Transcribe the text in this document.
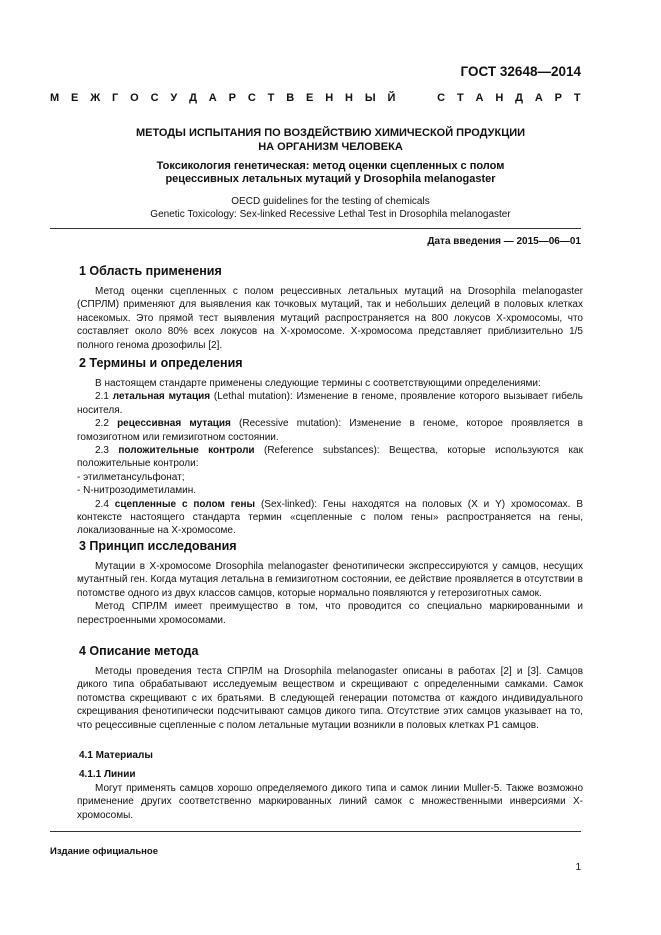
ГОСТ 32648—2014
М Е Ж Г О С У Д А Р С Т В Е Н Н Ы Й	С Т А Н Д А Р Т
МЕТОДЫ ИСПЫТАНИЯ ПО ВОЗДЕЙСТВИЮ ХИМИЧЕСКОЙ ПРОДУКЦИИ
НА ОРГАНИЗМ ЧЕЛОВЕКА
Токсикология генетическая: метод оценки сцепленных с полом
рецессивных летальных мутаций у Drosophila melanogaster
OECD guidelines for the testing of chemicals
Genetic Toxicology: Sex-linked Recessive Lethal Test in Drosophila melanogaster
Дата введения — 2015—06—01
1 Область применения

Метод оценки сцепленных с полом рецессивных летальных мутаций на Drosophila melanogaster (СПРЛМ) применяют для выявления как точковых мутаций, так и небольших делеций в половых клетках насекомых. Это прямой тест выявления мутаций распространяется на 800 локусов X-хромосомы, что составляет около 80% всех локусов на X-хромосоме. X-хромосома представляет приблизительно 1/5 полного генома дрозофилы [2].

2 Термины и определения

В настоящем стандарте применены следующие термины с соответствующими определениями:

2.1 летальная мутация (Lethal mutation): Изменение в геноме, проявление которого вызывает гибель носителя.

2.2 рецессивная мутация (Recessive mutation): Изменение в геноме, которое проявляется в гомозиготном или гемизиготном состоянии.

2.3 положительные контроли (Reference substances): Вещества, которые используются как положительные контроли:

- этилметансульфонат;

- N-нитрозодиметиламин.

2.4 сцепленные с полом гены (Sex-linked): Гены находятся на половых (X и Y) хромосомах. В контексте настоящего стандарта термин «сцепленные с полом гены» распространяется на гены, локализованные на X-хромосоме.

3 Принцип исследования

Мутации в X-хромосоме Drosophila melanogaster фенотипически экспрессируются у самцов, несущих мутантный ген. Когда мутация летальна в гемизиготном состоянии, ее действие проявляется в отсутствии в потомстве одного из двух классов самцов, которые нормально появляются у гетерозиготных самок.

Метод СПРЛМ имеет преимущество в том, что проводится со специально маркированными и перестроенными хромосомами.

4 Описание метода

Методы проведения теста СПРЛМ на Drosophila melanogaster описаны в работах [2] и [3]. Самцов дикого типа обрабатывают исследуемым веществом и скрещивают с определенными самками. Самок потомства скрещивают с их братьями. В следующей генерации потомства от каждого индивидуального скрещивания фенотипически подсчитывают самцов дикого типа. Отсутствие этих самцов указывает на то, что рецессивные сцепленные с полом летальные мутации возникли в половых клетках P1 самцов.

4.1 Материалы
4.1.1 Линии

Могут применять самцов хорошо определяемого дикого типа и самок линии Muller-5. Также возможно применение других соответственно маркированных линий самок с множественными инверсиями X-хромосомы.

Издание официальное
1
